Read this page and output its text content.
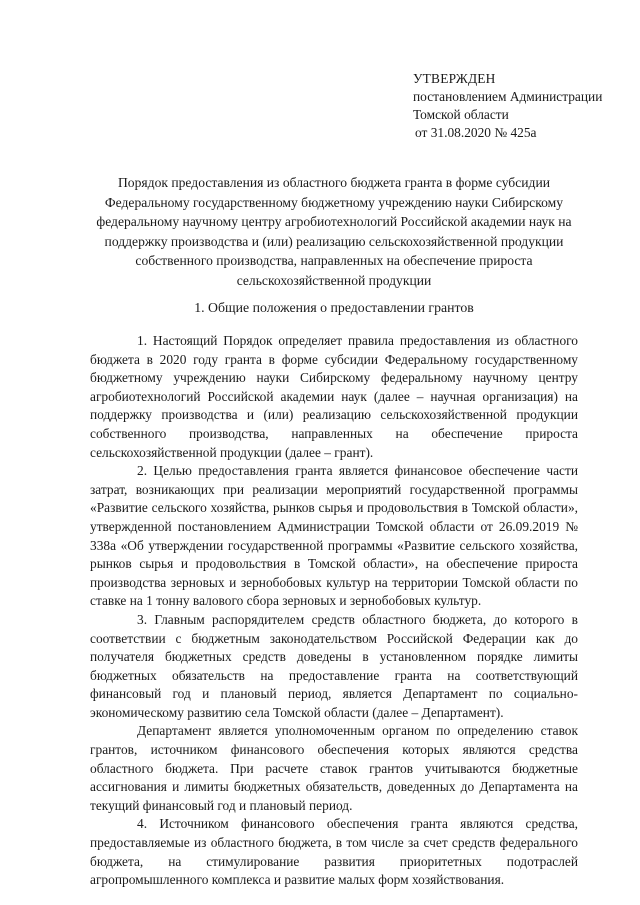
УТВЕРЖДЕН
постановлением Администрации
Томской области
от 31.08.2020 № 425а
Порядок предоставления из областного бюджета гранта в форме субсидии Федеральному государственному бюджетному учреждению науки Сибирскому федеральному научному центру агробиотехнологий Российской академии наук на поддержку производства и (или) реализацию сельскохозяйственной продукции собственного производства, направленных на обеспечение прироста сельскохозяйственной продукции
1. Общие положения о предоставлении грантов

1. Настоящий Порядок определяет правила предоставления из областного бюджета в 2020 году гранта в форме субсидии Федеральному государственному бюджетному учреждению науки Сибирскому федеральному научному центру агробиотехнологий Российской академии наук (далее – научная организация) на поддержку производства и (или) реализацию сельскохозяйственной продукции собственного производства, направленных на обеспечение прироста сельскохозяйственной продукции (далее – грант).

2. Целью предоставления гранта является финансовое обеспечение части затрат, возникающих при реализации мероприятий государственной программы «Развитие сельского хозяйства, рынков сырья и продовольствия в Томской области», утвержденной постановлением Администрации Томской области от 26.09.2019 № 338а «Об утверждении государственной программы «Развитие сельского хозяйства, рынков сырья и продовольствия в Томской области», на обеспечение прироста производства зерновых и зернобобовых культур на территории Томской области по ставке на 1 тонну валового сбора зерновых и зернобобовых культур.

3. Главным распорядителем средств областного бюджета, до которого в соответствии с бюджетным законодательством Российской Федерации как до получателя бюджетных средств доведены в установленном порядке лимиты бюджетных обязательств на предоставление гранта на соответствующий финансовый год и плановый период, является Департамент по социально-экономическому развитию села Томской области (далее – Департамент).

Департамент является уполномоченным органом по определению ставок грантов, источником финансового обеспечения которых являются средства областного бюджета. При расчете ставок грантов учитываются бюджетные ассигнования и лимиты бюджетных обязательств, доведенных до Департамента на текущий финансовый год и плановый период.

4. Источником финансового обеспечения гранта являются средства, предоставляемые из областного бюджета, в том числе за счет средств федерального бюджета, на стимулирование развития приоритетных подотраслей агропромышленного комплекса и развитие малых форм хозяйствования.
